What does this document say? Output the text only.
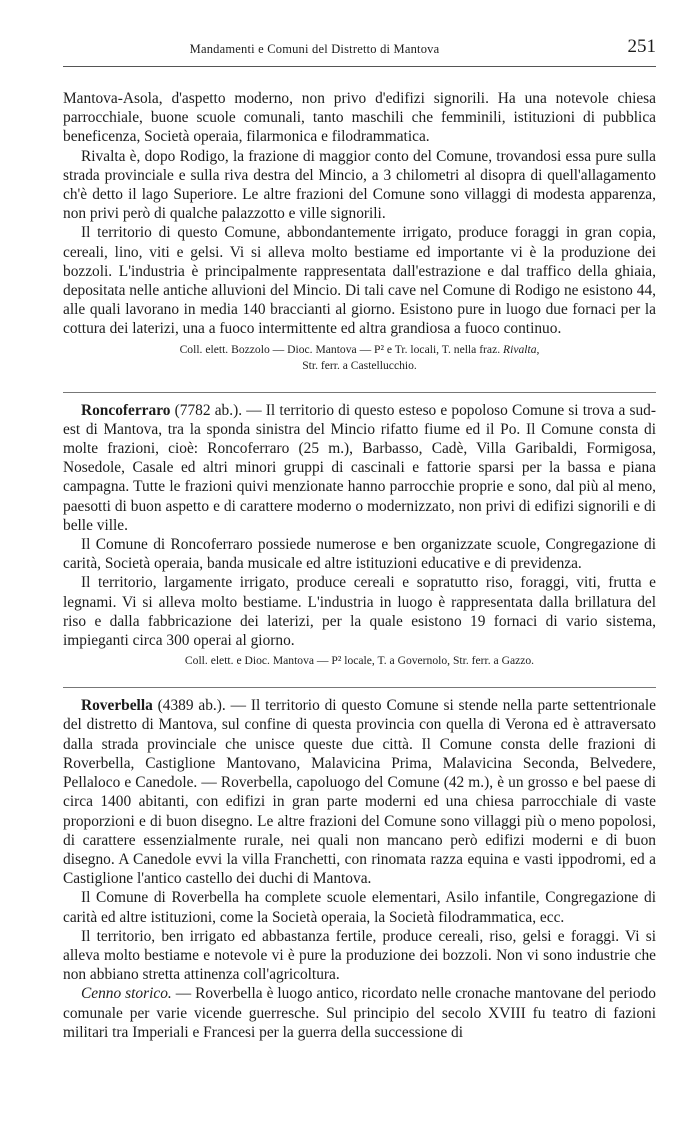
Mandamenti e Comuni del Distretto di Mantova	251

Mantova-Asola, d'aspetto moderno, non privo d'edifizi signorili. Ha una notevole chiesa parrocchiale, buone scuole comunali, tanto maschili che femminili, istituzioni di pubblica beneficenza, Società operaia, filarmonica e filodrammatica.

Rivalta è, dopo Rodigo, la frazione di maggior conto del Comune, trovandosi essa pure sulla strada provinciale e sulla riva destra del Mincio, a 3 chilometri al disopra di quell'allagamento ch'è detto il lago Superiore. Le altre frazioni del Comune sono villaggi di modesta apparenza, non privi però di qualche palazzotto e ville signorili.

Il territorio di questo Comune, abbondantemente irrigato, produce foraggi in gran copia, cereali, lino, viti e gelsi. Vi si alleva molto bestiame ed importante vi è la produzione dei bozzoli. L'industria è principalmente rappresentata dall'estrazione e dal traffico della ghiaia, depositata nelle antiche alluvioni del Mincio. Di tali cave nel Comune di Rodigo ne esistono 44, alle quali lavorano in media 140 braccianti al giorno. Esistono pure in luogo due fornaci per la cottura dei laterizi, una a fuoco intermittente ed altra grandiosa a fuoco continuo.

Coll. elett. Bozzolo — Dioc. Mantova — P² e Tr. locali, T. nella fraz. Rivalta,
Str. ferr. a Castellucchio.

Roncoferraro (7782 ab.). — Il territorio di questo esteso e popoloso Comune si trova a sud-est di Mantova, tra la sponda sinistra del Mincio rifatto fiume ed il Po. Il Comune consta di molte frazioni, cioè: Roncoferraro (25 m.), Barbasso, Cadè, Villa Garibaldi, Formigosa, Nosedole, Casale ed altri minori gruppi di cascinali e fattorie sparsi per la bassa e piana campagna. Tutte le frazioni quivi menzionate hanno parrocchie proprie e sono, dal più al meno, paesotti di buon aspetto e di carattere moderno o modernizzato, non privi di edifizi signorili e di belle ville.

Il Comune di Roncoferraro possiede numerose e ben organizzate scuole, Congregazione di carità, Società operaia, banda musicale ed altre istituzioni educative e di previdenza.

Il territorio, largamente irrigato, produce cereali e sopratutto riso, foraggi, viti, frutta e legnami. Vi si alleva molto bestiame. L'industria in luogo è rappresentata dalla brillatura del riso e dalla fabbricazione dei laterizi, per la quale esistono 19 fornaci di vario sistema, impieganti circa 300 operai al giorno.

Coll. elett. e Dioc. Mantova — P² locale, T. a Governolo, Str. ferr. a Gazzo.

Roverbella (4389 ab.). — Il territorio di questo Comune si stende nella parte settentrionale del distretto di Mantova, sul confine di questa provincia con quella di Verona ed è attraversato dalla strada provinciale che unisce queste due città. Il Comune consta delle frazioni di Roverbella, Castiglione Mantovano, Malavicina Prima, Malavicina Seconda, Belvedere, Pellaloco e Canedole. — Roverbella, capoluogo del Comune (42 m.), è un grosso e bel paese di circa 1400 abitanti, con edifizi in gran parte moderni ed una chiesa parrocchiale di vaste proporzioni e di buon disegno. Le altre frazioni del Comune sono villaggi più o meno popolosi, di carattere essenzialmente rurale, nei quali non mancano però edifizi moderni e di buon disegno. A Canedole evvi la villa Franchetti, con rinomata razza equina e vasti ippodromi, ed a Castiglione l'antico castello dei duchi di Mantova.

Il Comune di Roverbella ha complete scuole elementari, Asilo infantile, Congregazione di carità ed altre istituzioni, come la Società operaia, la Società filodrammatica, ecc.

Il territorio, ben irrigato ed abbastanza fertile, produce cereali, riso, gelsi e foraggi. Vi si alleva molto bestiame e notevole vi è pure la produzione dei bozzoli. Non vi sono industrie che non abbiano stretta attinenza coll'agricoltura.

Cenno storico. — Roverbella è luogo antico, ricordato nelle cronache mantovane del periodo comunale per varie vicende guerresche. Sul principio del secolo XVIII fu teatro di fazioni militari tra Imperiali e Francesi per la guerra della successione di
